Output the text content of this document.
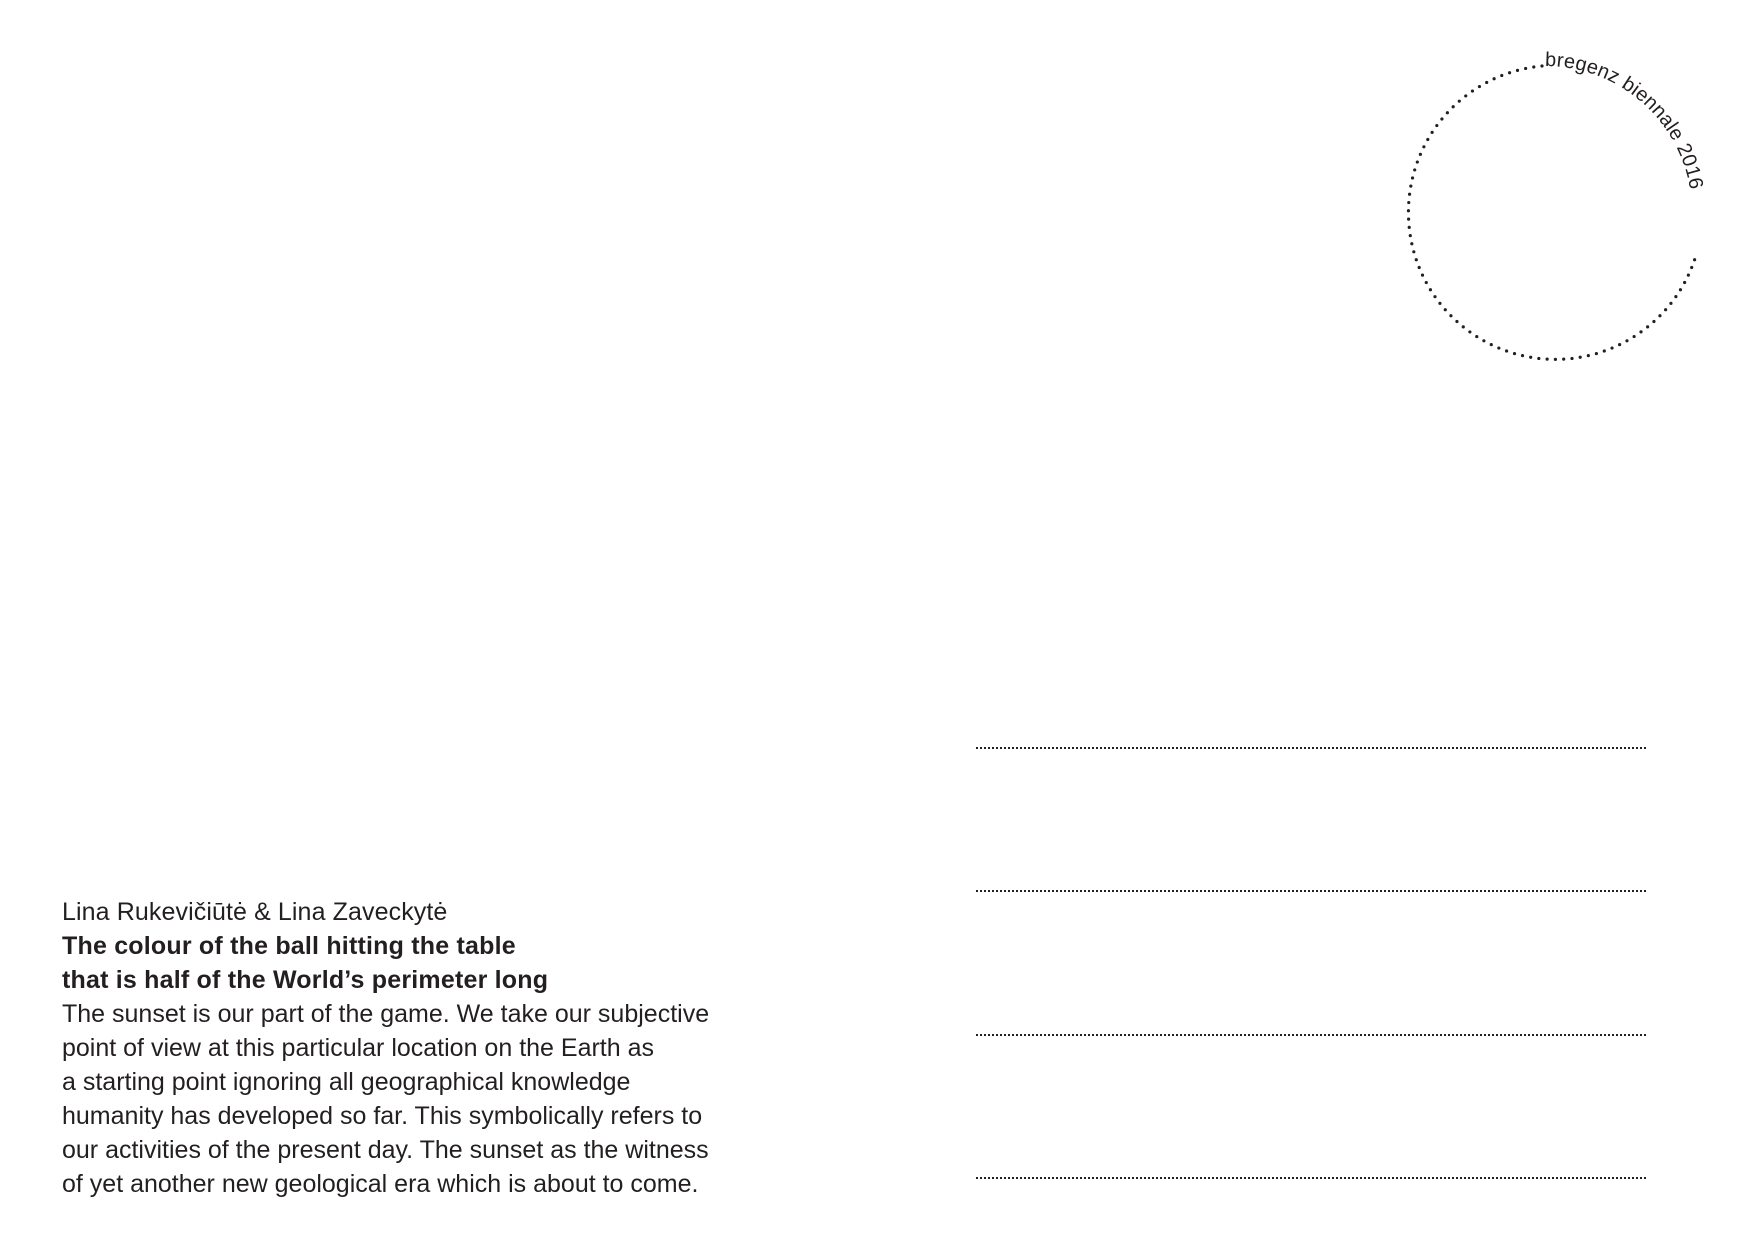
bregenz biennale 2016
Lina Rukevičiūtė & Lina Zaveckytė
The colour of the ball hitting the table
that is half of the World’s perimeter long
The sunset is our part of the game. We take our subjective
point of view at this particular location on the Earth as
a starting point ignoring all geographical knowledge
humanity has developed so far. This symbolically refers to
our activities of the present day. The sunset as the witness
of yet another new geological era which is about to come.
